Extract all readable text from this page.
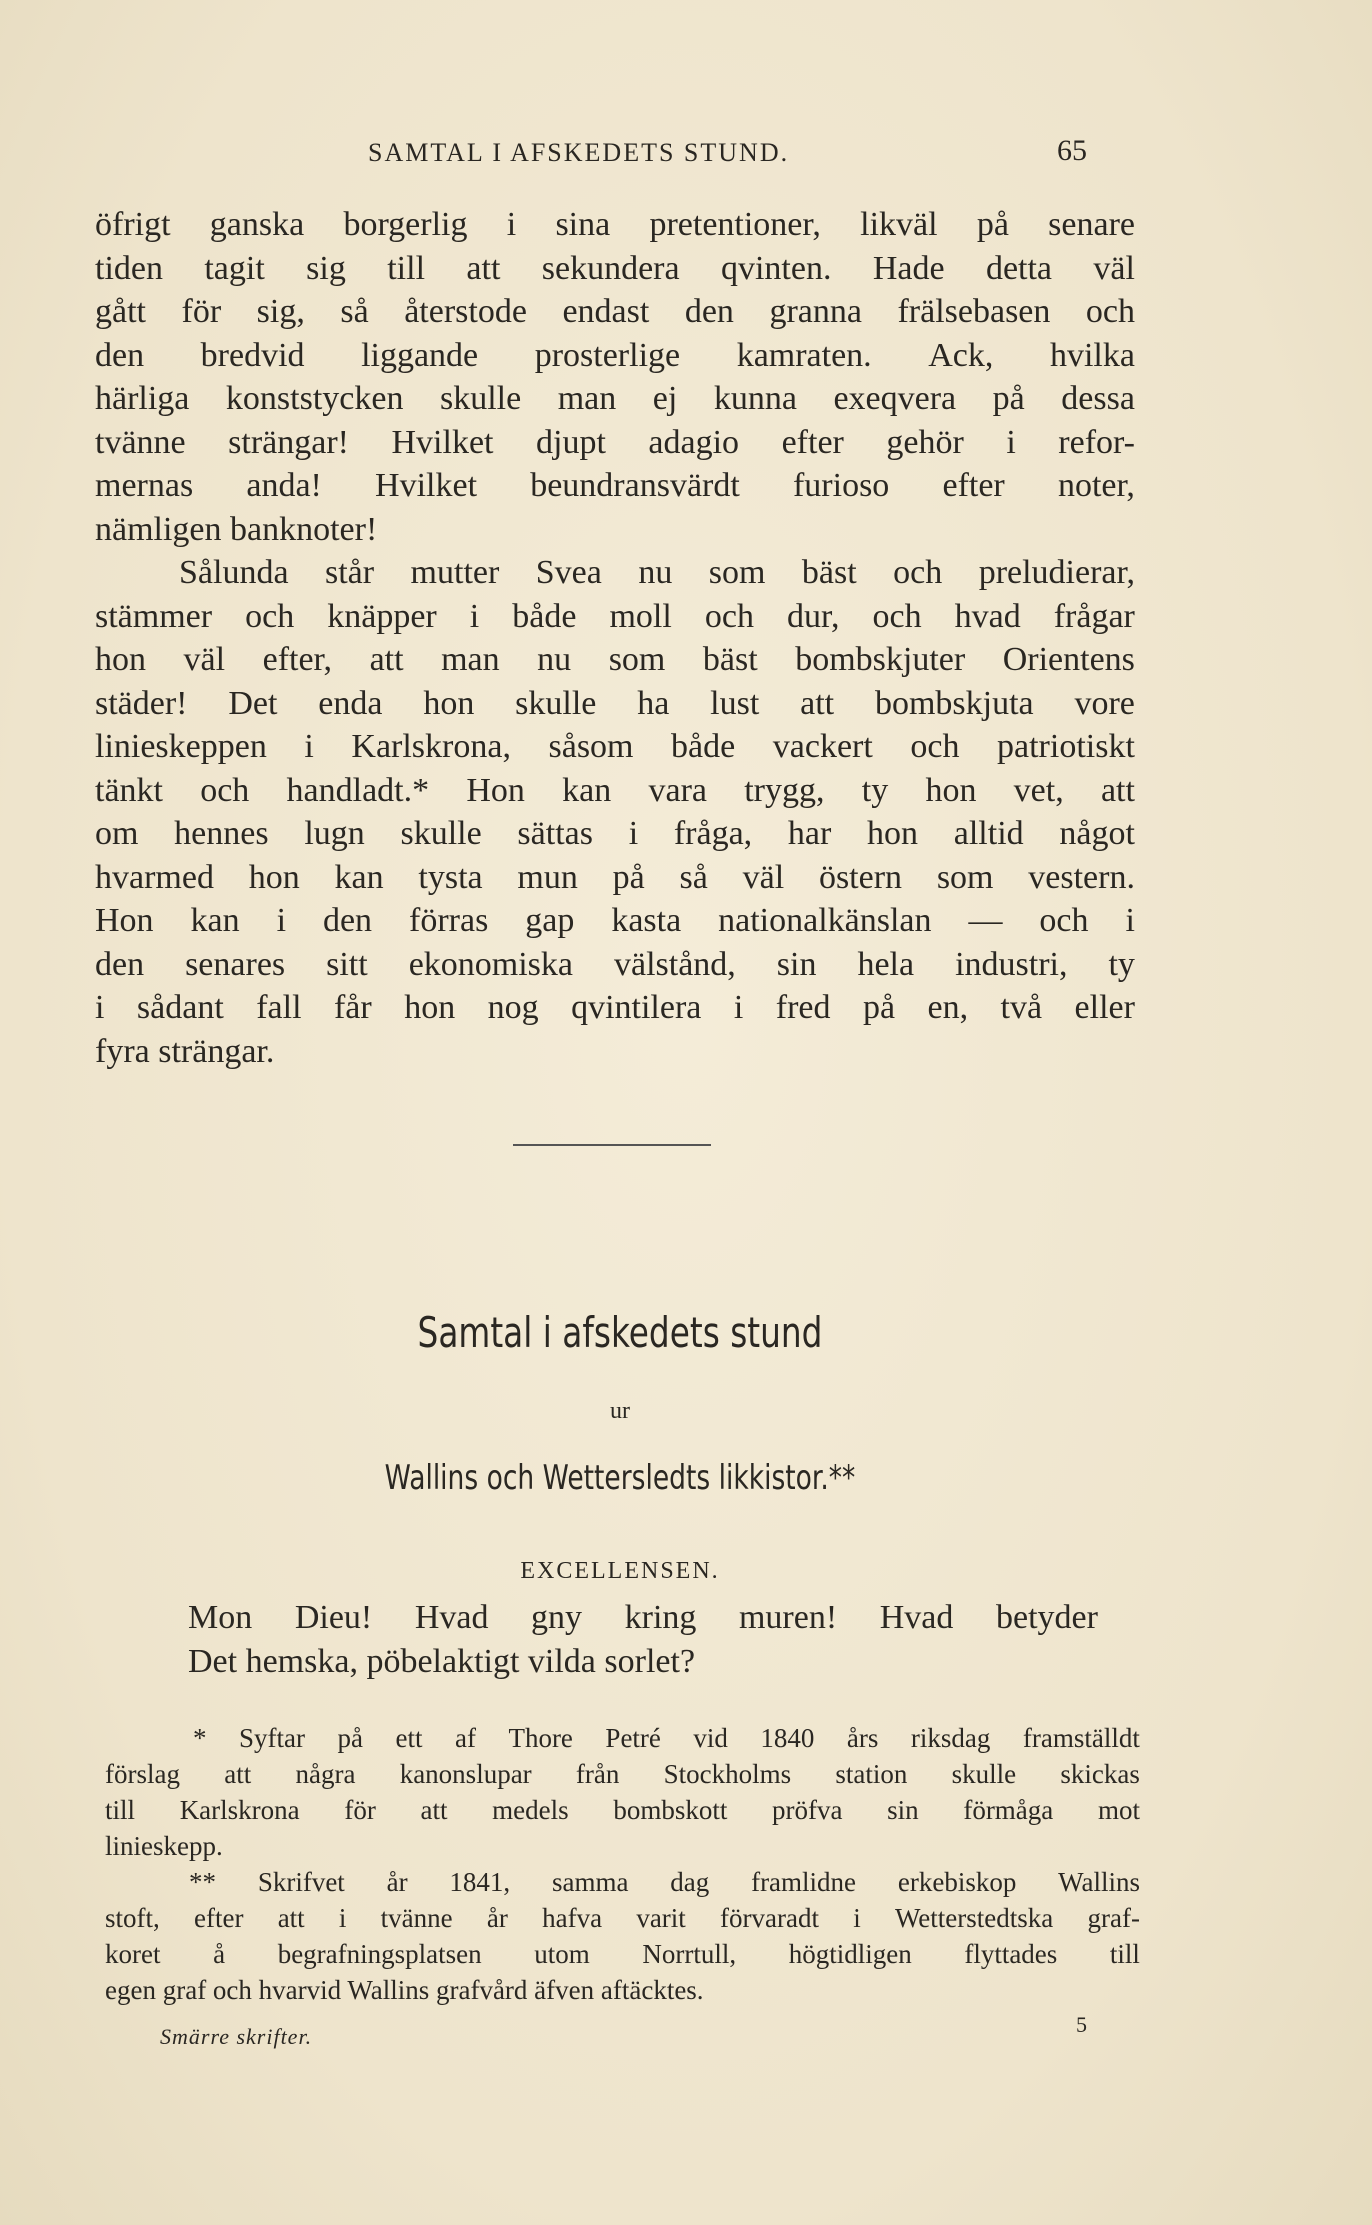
SAMTAL I AFSKEDETS STUND.	65
öfrigt ganska borgerlig i sina pretentioner, likväl på senare
tiden tagit sig till att sekundera qvinten. Hade detta väl
gått för sig, så återstode endast den granna frälsebasen och
den bredvid liggande prosterlige kamraten. Ack, hvilka
härliga konststycken skulle man ej kunna exeqvera på dessa
tvänne strängar! Hvilket djupt adagio efter gehör i refor-
mernas anda! Hvilket beundransvärdt furioso efter noter,
nämligen banknoter!
Sålunda står mutter Svea nu som bäst och preludierar,
stämmer och knäpper i både moll och dur, och hvad frågar
hon väl efter, att man nu som bäst bombskjuter Orientens
städer! Det enda hon skulle ha lust att bombskjuta vore
linieskeppen i Karlskrona, såsom både vackert och patriotiskt
tänkt och handladt.* Hon kan vara trygg, ty hon vet, att
om hennes lugn skulle sättas i fråga, har hon alltid något
hvarmed hon kan tysta mun på så väl östern som vestern.
Hon kan i den förras gap kasta nationalkänslan — och i
den senares sitt ekonomiska välstånd, sin hela industri, ty
i sådant fall får hon nog qvintilera i fred på en, två eller
fyra strängar.
Samtal i afskedets stund
ur
Wallins och Wettersledts likkistor.**
EXCELLENSEN.
Mon Dieu! Hvad gny kring muren! Hvad betyder
Det hemska, pöbelaktigt vilda sorlet?
* Syftar på ett af Thore Petré vid 1840 års riksdag framställdt
förslag att några kanonslupar från Stockholms station skulle skickas
till Karlskrona för att medels bombskott pröfva sin förmåga mot
linieskepp.
** Skrifvet år 1841, samma dag framlidne erkebiskop Wallins
stoft, efter att i tvänne år hafva varit förvaradt i Wetterstedtska graf-
koret å begrafningsplatsen utom Norrtull, högtidligen flyttades till
egen graf och hvarvid Wallins grafvård äfven aftäcktes.
Smärre skrifter.	5
